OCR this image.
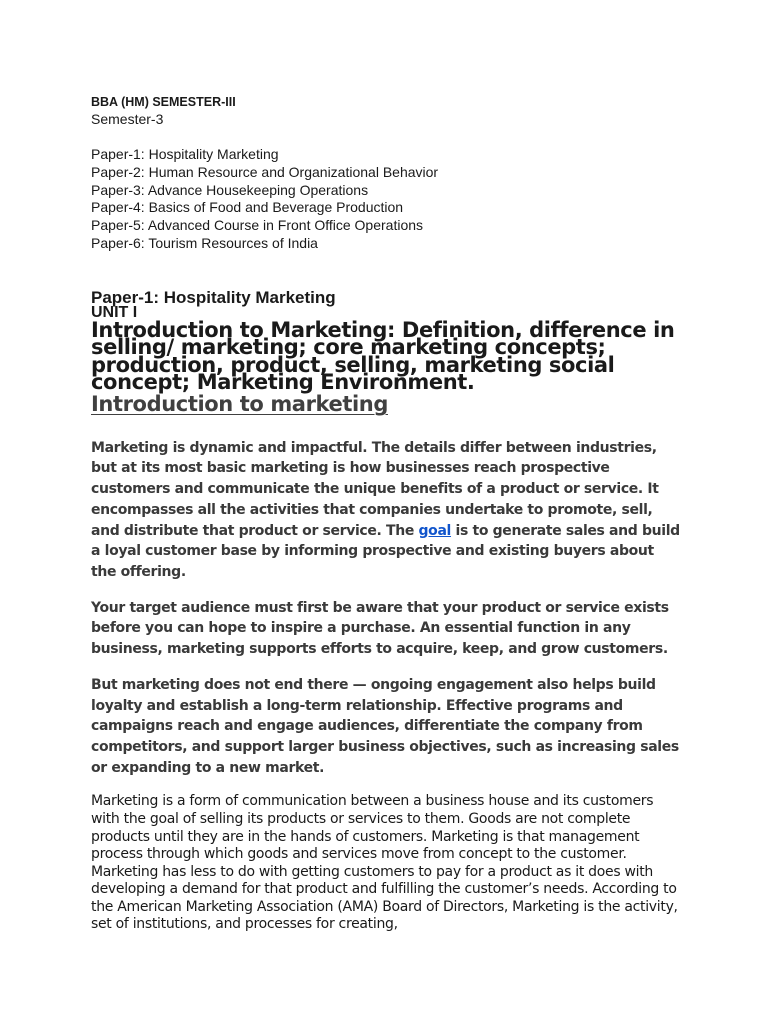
BBA (HM) SEMESTER-III

Semester-3

Paper-1: Hospitality Marketing
Paper-2: Human Resource and Organizational Behavior
Paper-3: Advance Housekeeping Operations
Paper-4: Basics of Food and Beverage Production
Paper-5: Advanced Course in Front Office Operations
Paper-6: Tourism Resources of India

Paper-1: Hospitality Marketing

UNIT I

Introduction to Marketing: Definition, difference in selling/ marketing; core marketing concepts; production, product, selling, marketing social concept; Marketing Environment.

Introduction to marketing

Marketing is dynamic and impactful. The details differ between industries, but at its most basic marketing is how businesses reach prospective customers and communicate the unique benefits of a product or service. It encompasses all the activities that companies undertake to promote, sell, and distribute that product or service. The goal is to generate sales and build a loyal customer base by informing prospective and existing buyers about the offering.

Your target audience must first be aware that your product or service exists before you can hope to inspire a purchase. An essential function in any business, marketing supports efforts to acquire, keep, and grow customers.

But marketing does not end there — ongoing engagement also helps build loyalty and establish a long-term relationship. Effective programs and campaigns reach and engage audiences, differentiate the company from competitors, and support larger business objectives, such as increasing sales or expanding to a new market.

Marketing is a form of communication between a business house and its customers with the goal of selling its products or services to them. Goods are not complete products until they are in the hands of customers. Marketing is that management process through which goods and services move from concept to the customer. Marketing has less to do with getting customers to pay for a product as it does with developing a demand for that product and fulfilling the customer’s needs. According to the American Marketing Association (AMA) Board of Directors, Marketing is the activity, set of institutions, and processes for creating,
